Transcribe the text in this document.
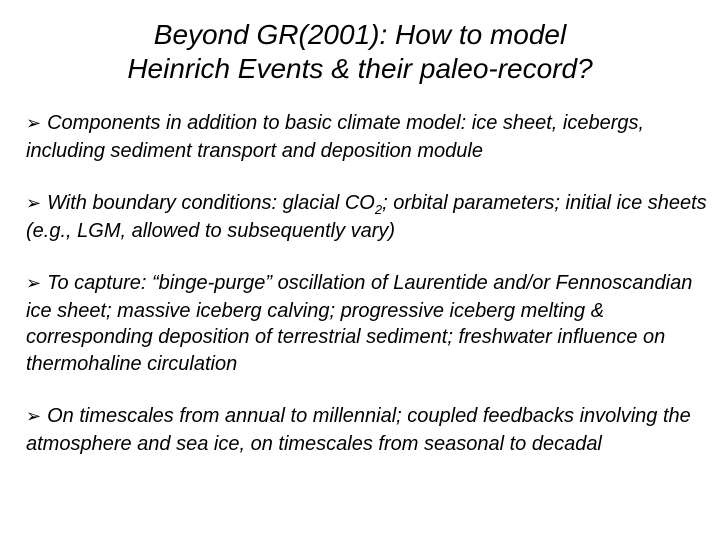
Beyond GR(2001): How to model
Heinrich Events & their paleo-record?
➢ Components in addition to basic climate model: ice sheet, icebergs, including sediment transport and deposition module
➢ With boundary conditions: glacial $CO_2$; orbital parameters; initial ice sheets (e.g., LGM, allowed to subsequently vary)
➢ To capture: “binge-purge” oscillation of Laurentide and/or Fennoscandian ice sheet; massive iceberg calving; progressive iceberg melting & corresponding deposition of terrestrial sediment; freshwater influence on thermohaline circulation
➢ On timescales from annual to millennial; coupled feedbacks involving the atmosphere and sea ice, on timescales from seasonal to decadal
